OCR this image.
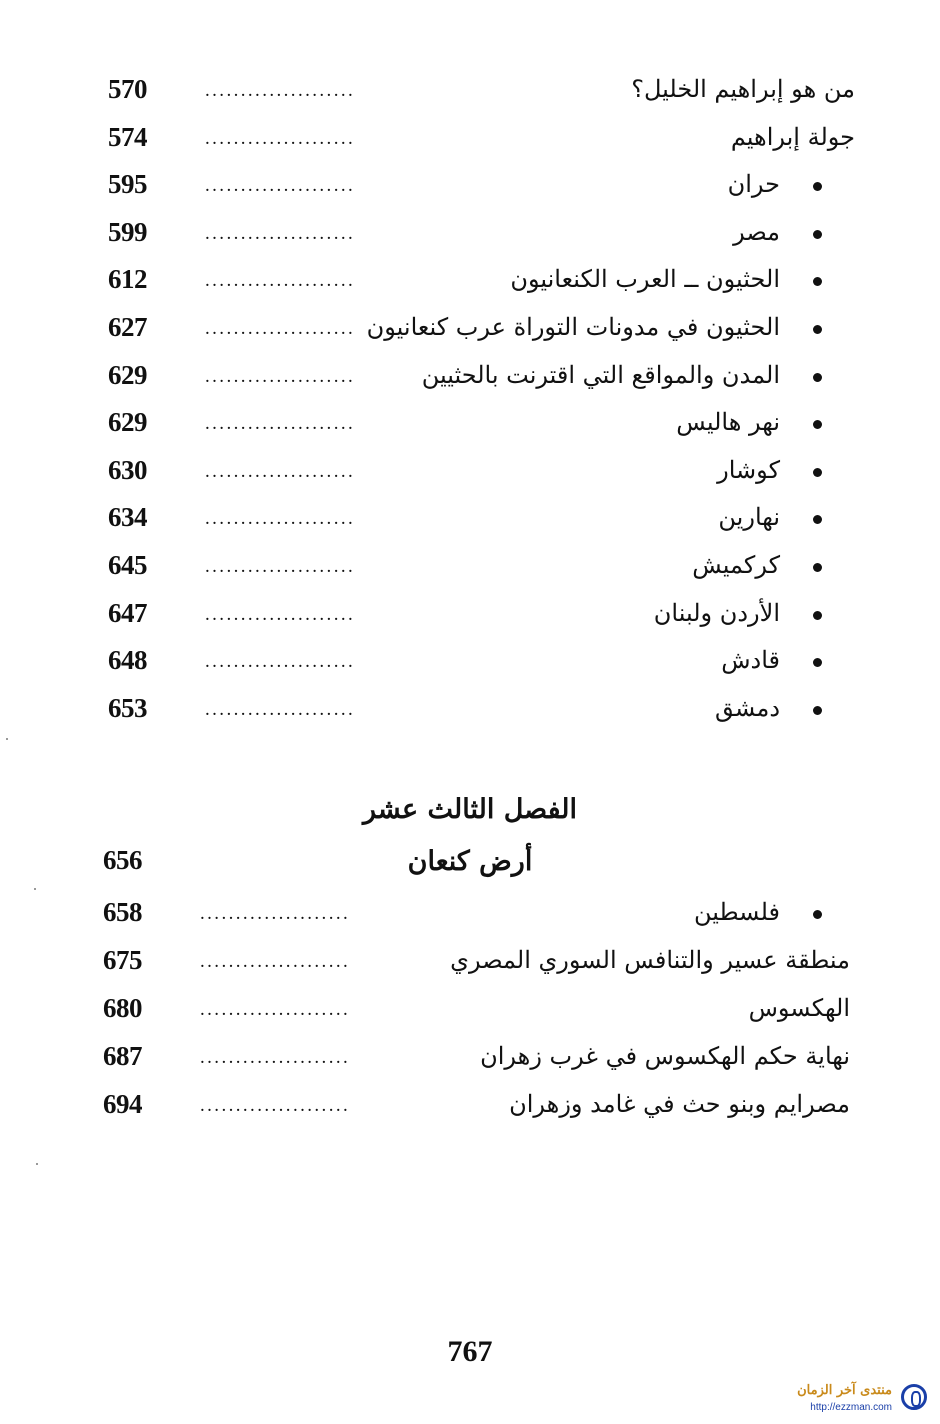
570	.....................	من هو إبراهيم الخليل؟
574	.....................	جولة إبراهيم
595	.....................	حران
599	.....................	مصر
612	.....................	الحثيون ــ العرب الكنعانيون
627	..................... الحثيون في مدونات التوراة عرب كنعانيون
629	.....................	المدن والمواقع التي اقترنت بالحثيين
629	.....................	نهر هاليس
630	.....................	كوشار
634	.....................	نهارين
645	.....................	كركميش
647	.....................	الأردن ولبنان
648	.....................	قادش
653	.....................	دمشق
الفصل الثالث عشر
656	أرض كنعان
658	.....................	فلسطين
675	.....................	منطقة عسير والتنافس السوري المصري
680	.....................	الهكسوس
687	.....................	نهاية حكم الهكسوس في غرب زهران
694	.....................	مصرايم وبنو حث في غامد وزهران
767
منتدى آخر الزمان
http://ezzman.com
